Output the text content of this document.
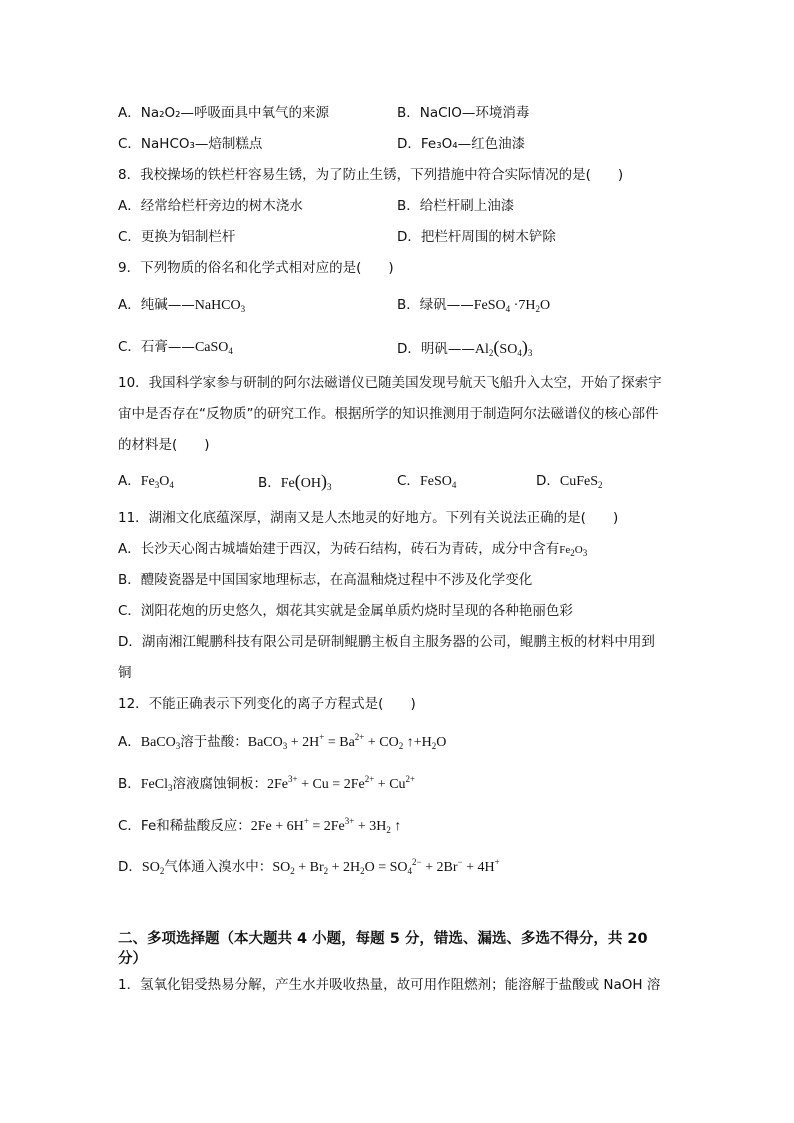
A．Na₂O₂—呼吸面具中氧气的来源	B．NaClO—环境消毒
C．NaHCO₃—焙制糕点	D．Fe₃O₄—红色油漆
8．我校操场的铁栏杆容易生锈，为了防止生锈，下列措施中符合实际情况的是(　　)
A．经常给栏杆旁边的树木浇水	B．给栏杆刷上油漆
C．更换为铝制栏杆	D．把栏杆周围的树木铲除
9．下列物质的俗名和化学式相对应的是(　　)
A．纯碱——NaHCO$_3$	B．绿矾——FeSO$_4$ $\cdot 7H_2O$
C．石膏——CaSO$_4$	D．明矾$——Al_2(SO_4)_3$
10．我国科学家参与研制的阿尔法磁谱仪已随美国发现号航天飞船升入太空，开始了探索宇
宙中是否存在“反物质”的研究工作。根据所学的知识推测用于制造阿尔法磁谱仪的核心部件
的材料是(　　)
A．$Fe_3O_4$	B．$Fe(OH)_3$	C．FeSO$_4$	D．CuFeS$_2$
11．湖湘文化底蕴深厚，湖南又是人杰地灵的好地方。下列有关说法正确的是(　　)
A．长沙天心阁古城墙始建于西汉，为砖石结构，砖石为青砖，成分中含有$Fe_2O_3$
B．醴陵瓷器是中国国家地理标志，在高温釉烧过程中不涉及化学变化
C．浏阳花炮的历史悠久，烟花其实就是金属单质灼烧时呈现的各种艳丽色彩
D．湖南湘江鲲鹏科技有限公司是研制鲲鹏主板自主服务器的公司，鲲鹏主板的材料中用到
铜
12．不能正确表示下列变化的离子方程式是(　　)
A．BaCO$_3$溶于盐酸：BaCO$_3$ + $2H^+ = Ba^{2+} + CO_2$ $↑+H_2O$
B．FeCl$_3$溶液腐蚀铜板：$2Fe^{3+} + Cu = 2Fe^{2+} + Cu^{2+}$
C．Fe和稀盐酸反应：$2Fe + 6H^+ = 2Fe^{3+} + 3H_2$ ↑
D．$SO_2$气体通入溴水中：$SO_2 + Br_2 + 2H_2O = SO_4^{2-} + 2Br^- + 4H^+$
二、多项选择题（本大题共 4 小题，每题 5 分，错选、漏选、多选不得分，共 20
分）
1．氢氧化铝受热易分解，产生水并吸收热量，故可用作阻燃剂；能溶解于盐酸或 NaOH 溶
